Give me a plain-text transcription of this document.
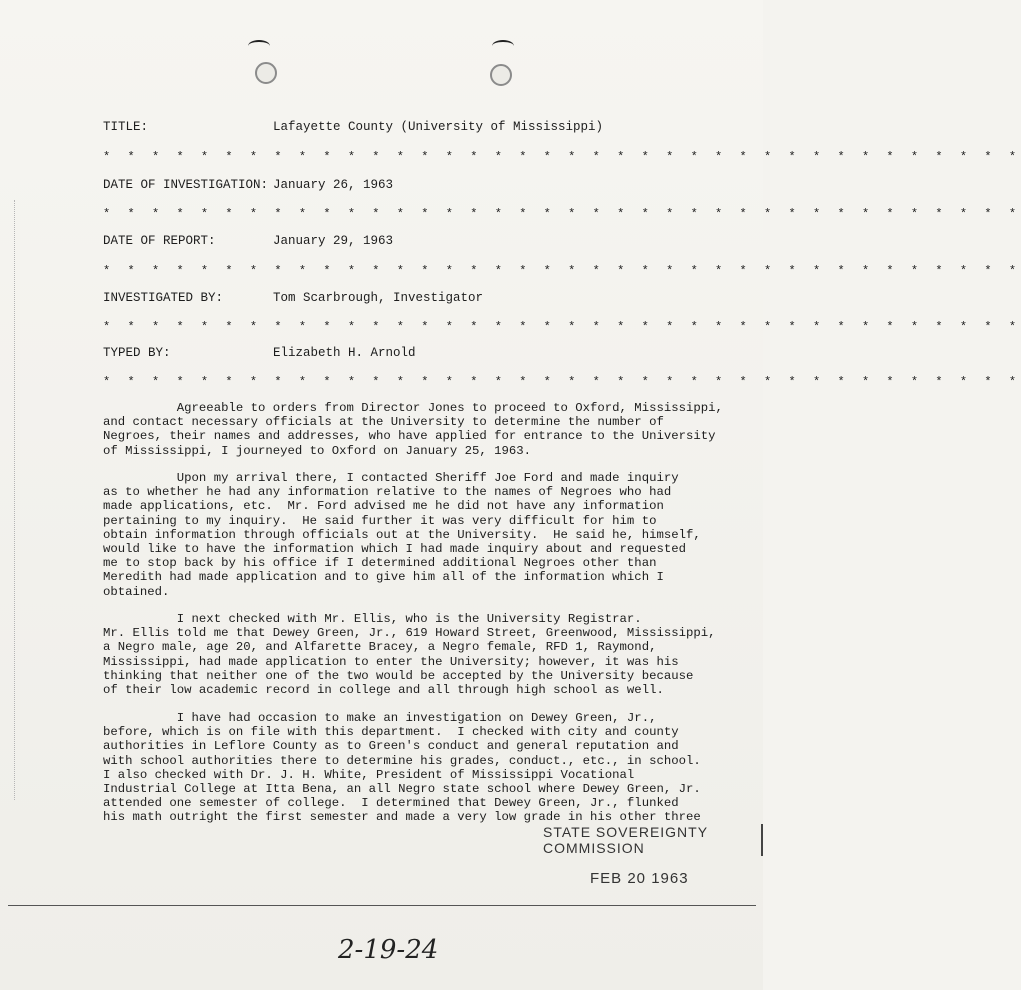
TITLE:	Lafayette County (University of Mississippi)
* * * * * * * * * * * * * * * * * * * * * * * * * * * * * * * * * * * * * *
DATE OF INVESTIGATION: January 26, 1963
* * * * * * * * * * * * * * * * * * * * * * * * * * * * * * * * * * * * * *
DATE OF REPORT:	January 29, 1963
* * * * * * * * * * * * * * * * * * * * * * * * * * * * * * * * * * * * * *
INVESTIGATED BY:	Tom Scarbrough, Investigator
* * * * * * * * * * * * * * * * * * * * * * * * * * * * * * * * * * * * * *
TYPED BY:	Elizabeth H. Arnold
* * * * * * * * * * * * * * * * * * * * * * * * * * * * * * * * * * * * * *
Agreeable to orders from Director Jones to proceed to Oxford, Mississippi,
and contact necessary officials at the University to determine the number of
Negroes, their names and addresses, who have applied for entrance to the University
of Mississippi, I journeyed to Oxford on January 25, 1963.
Upon my arrival there, I contacted Sheriff Joe Ford and made inquiry
as to whether he had any information relative to the names of Negroes who had
made applications, etc.  Mr. Ford advised me he did not have any information
pertaining to my inquiry.  He said further it was very difficult for him to
obtain information through officials out at the University.  He said he, himself,
would like to have the information which I had made inquiry about and requested
me to stop back by his office if I determined additional Negroes other than
Meredith had made application and to give him all of the information which I
obtained.
I next checked with Mr. Ellis, who is the University Registrar.
Mr. Ellis told me that Dewey Green, Jr., 619 Howard Street, Greenwood, Mississippi,
a Negro male, age 20, and Alfarette Bracey, a Negro female, RFD 1, Raymond,
Mississippi, had made application to enter the University; however, it was his
thinking that neither one of the two would be accepted by the University because
of their low academic record in college and all through high school as well.
I have had occasion to make an investigation on Dewey Green, Jr.,
before, which is on file with this department.  I checked with city and county
authorities in Leflore County as to Green's conduct and general reputation and
with school authorities there to determine his grades, conduct., etc., in school.
I also checked with Dr. J. H. White, President of Mississippi Vocational
Industrial College at Itta Bena, an all Negro state school where Dewey Green, Jr.
attended one semester of college.  I determined that Dewey Green, Jr., flunked
his math outright the first semester and made a very low grade in his other three
STATE SOVEREIGNTY COMMISSION
FEB 20 1963
2-19-24
